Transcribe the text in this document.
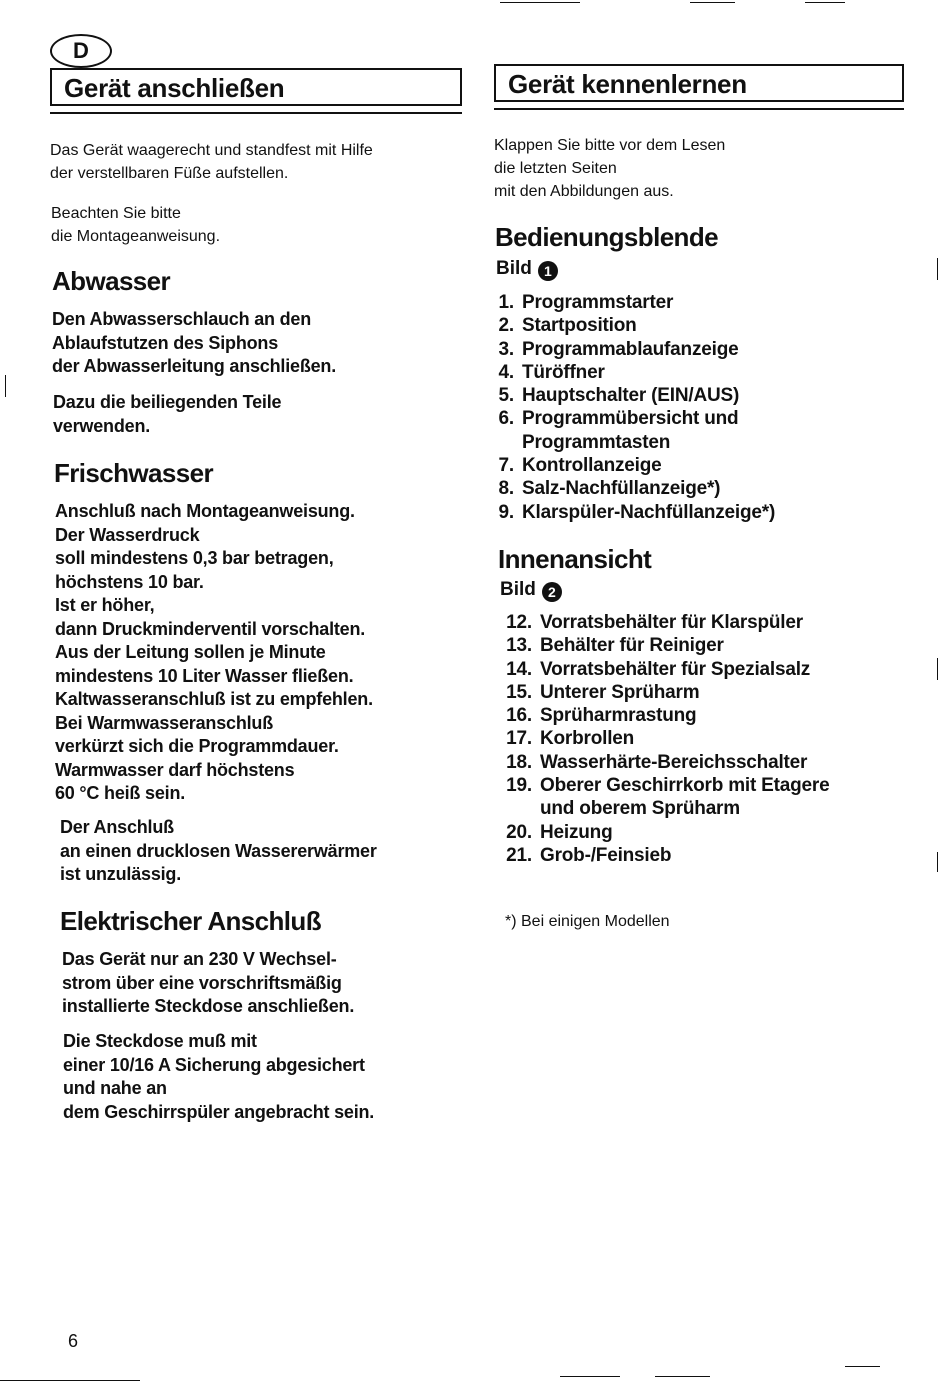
D
Gerät anschließen
Das Gerät waagerecht und standfest mit Hilfe
der verstellbaren Füße aufstellen.
Beachten Sie bitte
die Montageanweisung.
Abwasser
Den Abwasserschlauch an den
Ablaufstutzen des Siphons
der Abwasserleitung anschließen.
Dazu die beiliegenden Teile
verwenden.
Frischwasser
Anschluß nach Montageanweisung.
Der Wasserdruck
soll mindestens 0,3 bar betragen,
höchstens 10 bar.
Ist er höher,
dann Druckminderventil vorschalten.
Aus der Leitung sollen je Minute
mindestens 10 Liter Wasser fließen.
Kaltwasseranschluß ist zu empfehlen.
Bei Warmwasseranschluß
verkürzt sich die Programmdauer.
Warmwasser darf höchstens
60 °C heiß sein.
Der Anschluß
an einen drucklosen Wassererwärmer
ist unzulässig.
Elektrischer Anschluß
Das Gerät nur an 230 V Wechsel-
strom über eine vorschriftsmäßig
installierte Steckdose anschließen.
Die Steckdose muß mit
einer 10/16 A Sicherung abgesichert
und nahe an
dem Geschirrspüler angebracht sein.
Gerät kennenlernen
Klappen Sie bitte vor dem Lesen
die letzten Seiten
mit den Abbildungen aus.
Bedienungsblende
Bild 1
1. Programmstarter
2. Startposition
3. Programmablaufanzeige
4. Türöffner
5. Hauptschalter (EIN/AUS)
6. Programmübersicht und
Programmtasten
7. Kontrollanzeige
8. Salz-Nachfüllanzeige*)
9. Klarspüler-Nachfüllanzeige*)
Innenansicht
Bild 2
12. Vorratsbehälter für Klarspüler
13. Behälter für Reiniger
14. Vorratsbehälter für Spezialsalz
15. Unterer Sprüharm
16. Sprüharmrastung
17. Korbrollen
18. Wasserhärte-Bereichsschalter
19. Oberer Geschirrkorb mit Etagere
und oberem Sprüharm
20. Heizung
21. Grob-/Feinsieb
*) Bei einigen Modellen
6
